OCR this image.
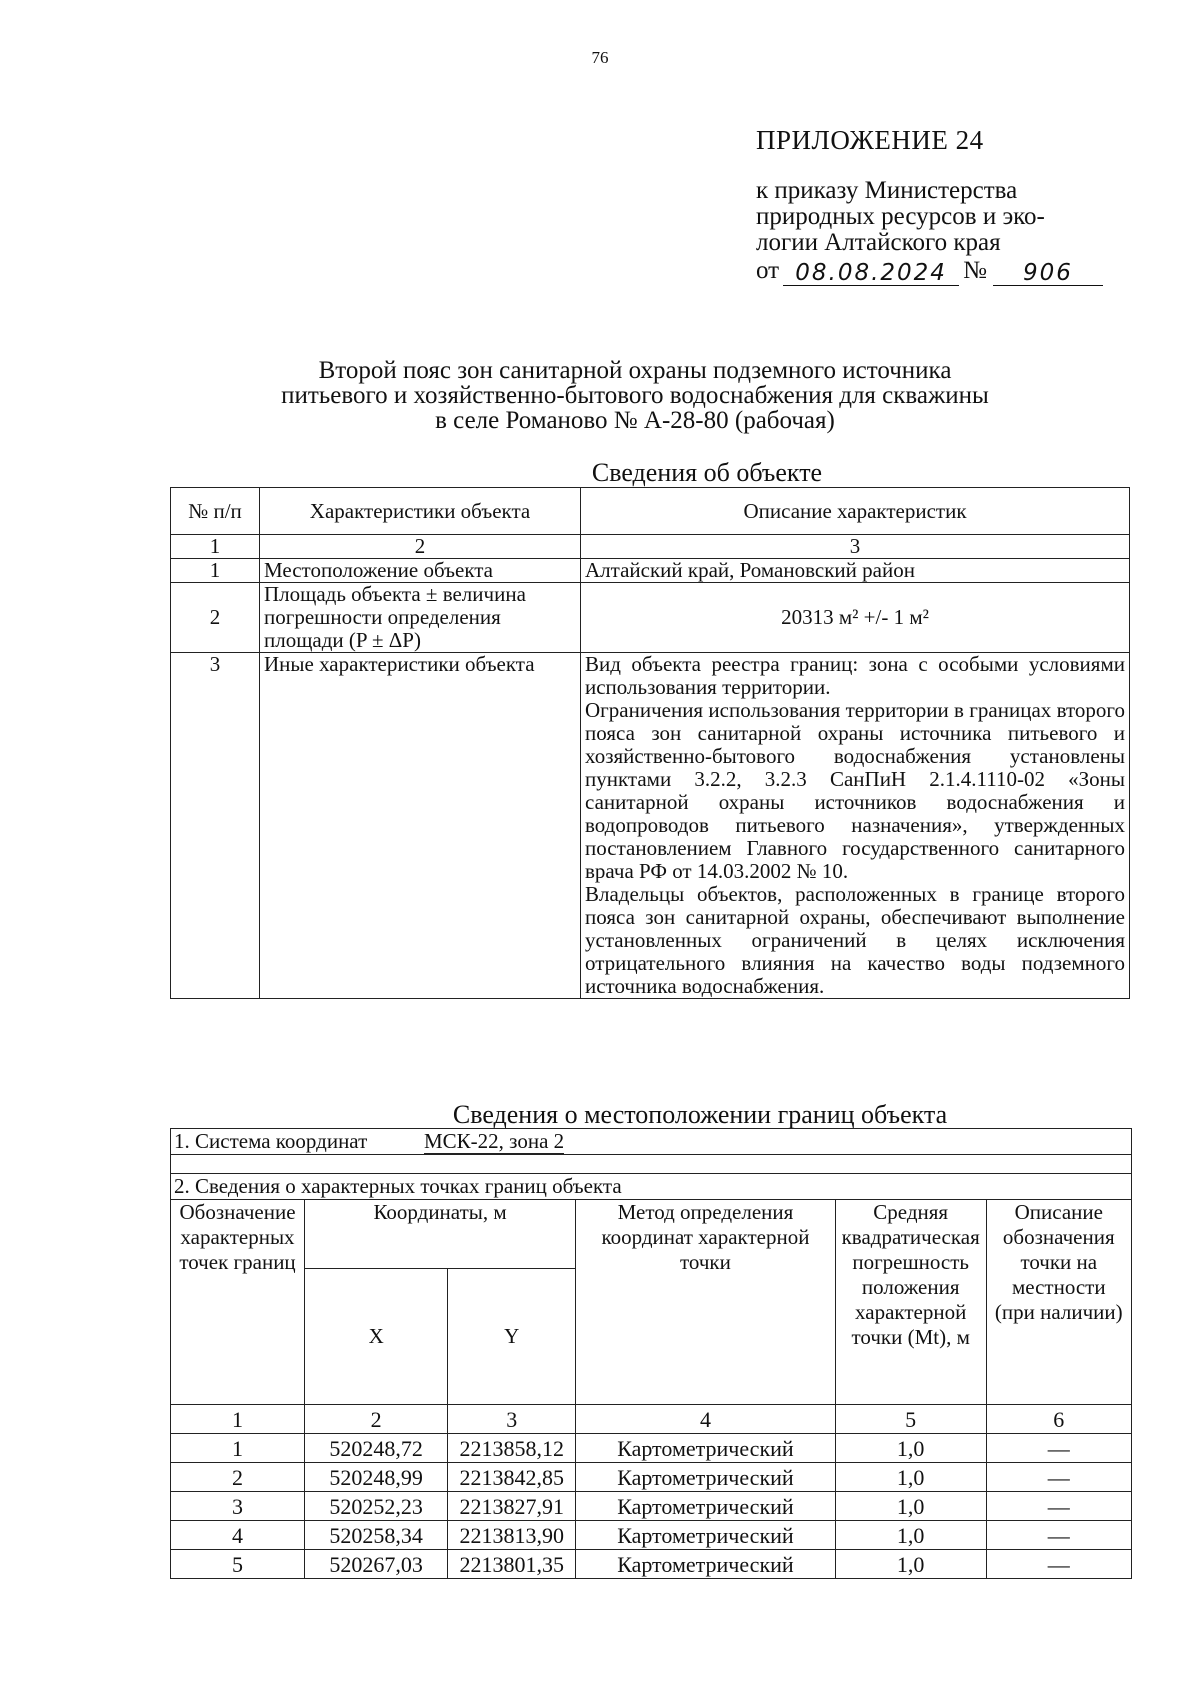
76
ПРИЛОЖЕНИЕ 24
к приказу Министерства
природных ресурсов и эко-
логии Алтайского края
от 08.08.2024 №	906
Второй пояс зон санитарной охраны подземного источника
питьевого и хозяйственно-бытового водоснабжения для скважины
в селе Романово № А-28-80 (рабочая)
Сведения об объекте
№ п/п	Характеристики объекта	Описание характеристик
1	2	3
1	Местоположение объекта	Алтайский край, Романовский район
2	Площадь объекта ± величина погрешности определения площади (P ± ΔP)	20313 м² +/- 1 м²
3	Иные характеристики объекта	Вид объекта реестра границ: зона с особыми условиями использования территории.

Ограничения использования территории в границах второго пояса зон санитарной охраны источника питьевого и хозяйственно-бытового водоснабжения установлены пунктами 3.2.2, 3.2.3 СанПиН 2.1.4.1110-02 «Зоны санитарной охраны источников водоснабжения и водопроводов питьевого назначения», утвержденных постановлением Главного государственного санитарного врача РФ от 14.03.2002 № 10.

Владельцы объектов, расположенных в границе второго пояса зон санитарной охраны, обеспечивают выполнение установленных ограничений в целях исключения отрицательного влияния на качество воды подземного источника водоснабжения.

Сведения о местоположении границ объекта
1. Система координат МСК-22, зона 2					

2. Сведения о характерных точках границ объекта					
Обозначение характерных точек границ	Координаты, м		Метод определения координат характерной точки	Средняя квадратическая погрешность положения характерной точки (Mt), м	Описание обозначения точки на местности (при наличии)
	X	Y			
1	2	3	4	5	6
1	520248,72	2213858,12	Картометрический	1,0	—
2	520248,99	2213842,85	Картометрический	1,0	—
3	520252,23	2213827,91	Картометрический	1,0	—
4	520258,34	2213813,90	Картометрический	1,0	—
5	520267,03	2213801,35	Картометрический	1,0	—
